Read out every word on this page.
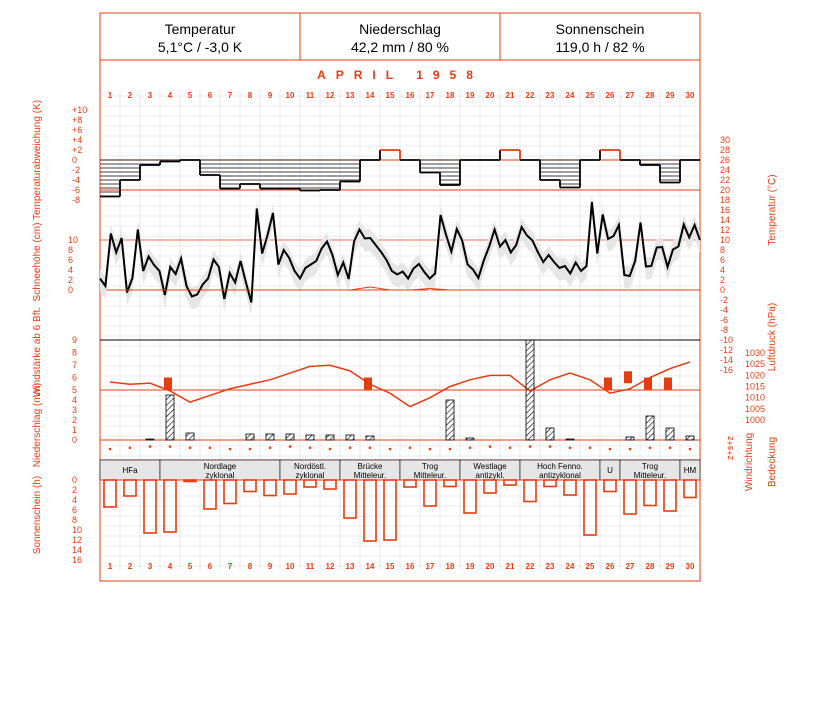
Temperatur
5,1°C / -3,0 K
Niederschlag
42,2 mm / 80 %
Sonnenschein
119,0 h / 82 %
APRIL 1958
1 2 3 4 5 6 7 8 9 10 11 12 13 14 15 16 17 18 19 20 21 22 23 24 25 26 27 28 29 30
1 2 3 4 5 6 7 8 9 10 11 12 13 14 15 16 17 18 19 20 21 22 23 24 25 26 27 28 29 30
HFa	Nordlage
zyklonal
Nordöstl.
zyklonal
Brücke
Mitteleur.
Trog
Mitteleur.
Westlage
antizykl.
Hoch Fenno.
antizyklonal
U	Trog
Mitteleur.
HM
+10
+8
+6
+4
+2
0
-2
-4
-6
-8
30
28
26
24
22
20
18
16
14
12
10
8
6
4
2
0
-2
-4
-6
-8
-10
-12
-14
-16
10
8
6
4
2
0
9
8
7
6
5
1030
1025
1020
1015
1010
1005
1000
4
3
2
1
0
0
2
4
6
8
10
12
14
16
Temperaturabweichung (K)
Schneehöhe (cm)
Windstärke ab 6 Bft.
Niederschlag (mm)
Sonnenschein (h)
Temperatur (°C)
Luftdruck (hPa)
Windrichtung Bedeckung
z+s+z
